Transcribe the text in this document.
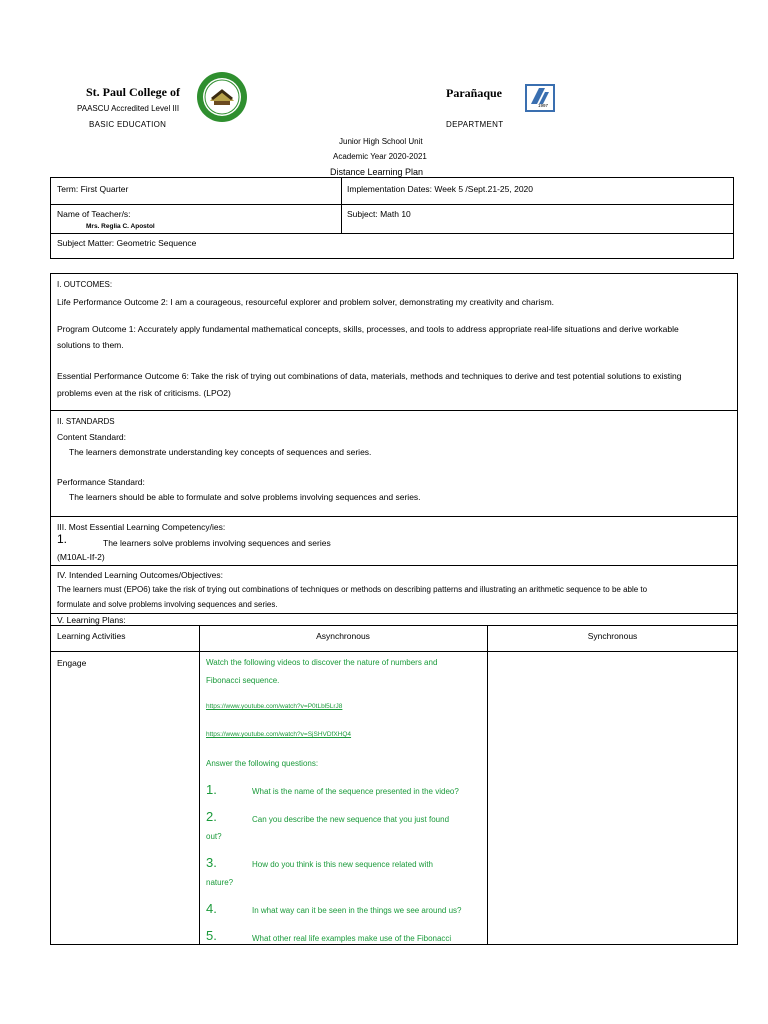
St. Paul College of	Parañaque
1997
PAASCU Accredited Level III
BASIC EDUCATION	DEPARTMENT
Junior High School Unit
Academic Year 2020-2021
Distance Learning Plan
Term: First Quarter	Implementation Dates: Week 5 /Sept.21-25, 2020
Name of Teacher/s:
Mrs. Reglia C. Apostol
Subject: Math 10
Subject Matter: Geometric Sequence
I. OUTCOMES:
Life Performance Outcome 2: I am a courageous, resourceful explorer and problem solver, demonstrating my creativity and charism.
Program Outcome 1: Accurately apply fundamental mathematical concepts, skills, processes, and tools to address appropriate real-life situations and derive workable
solutions to them.
Essential Performance Outcome 6: Take the risk of trying out combinations of data, materials, methods and techniques to derive and test potential solutions to existing
problems even at the risk of criticisms. (LPO2)
II. STANDARDS
Content Standard:
The learners demonstrate understanding key concepts of sequences and series.
Performance Standard:
The learners should be able to formulate and solve problems involving sequences and series.
III. Most Essential Learning Competency/ies:
1.	The learners solve problems involving sequences and series
(M10AL-If-2)
IV. Intended Learning Outcomes/Objectives:
The learners must (EPO6) take the risk of trying out combinations of techniques or methods on describing patterns and illustrating an arithmetic sequence to be able to
formulate and solve problems involving sequences and series.
V. Learning Plans:
Learning Activities	Asynchronous	Synchronous
Engage	Watch the following videos to discover the nature of numbers and
Fibonacci sequence.
https://www.youtube.com/watch?v=P0tLbl5LrJ8
https://www.youtube.com/watch?v=SjSHVDfXHQ4
Answer the following questions:
1.	What is the name of the sequence presented in the video?
2.	Can you describe the new sequence that you just found
out?
3.	How do you think is this new sequence related with
nature?
4.	In what way can it be seen in the things we see around us?
5.	What other real life examples make use of the Fibonacci
